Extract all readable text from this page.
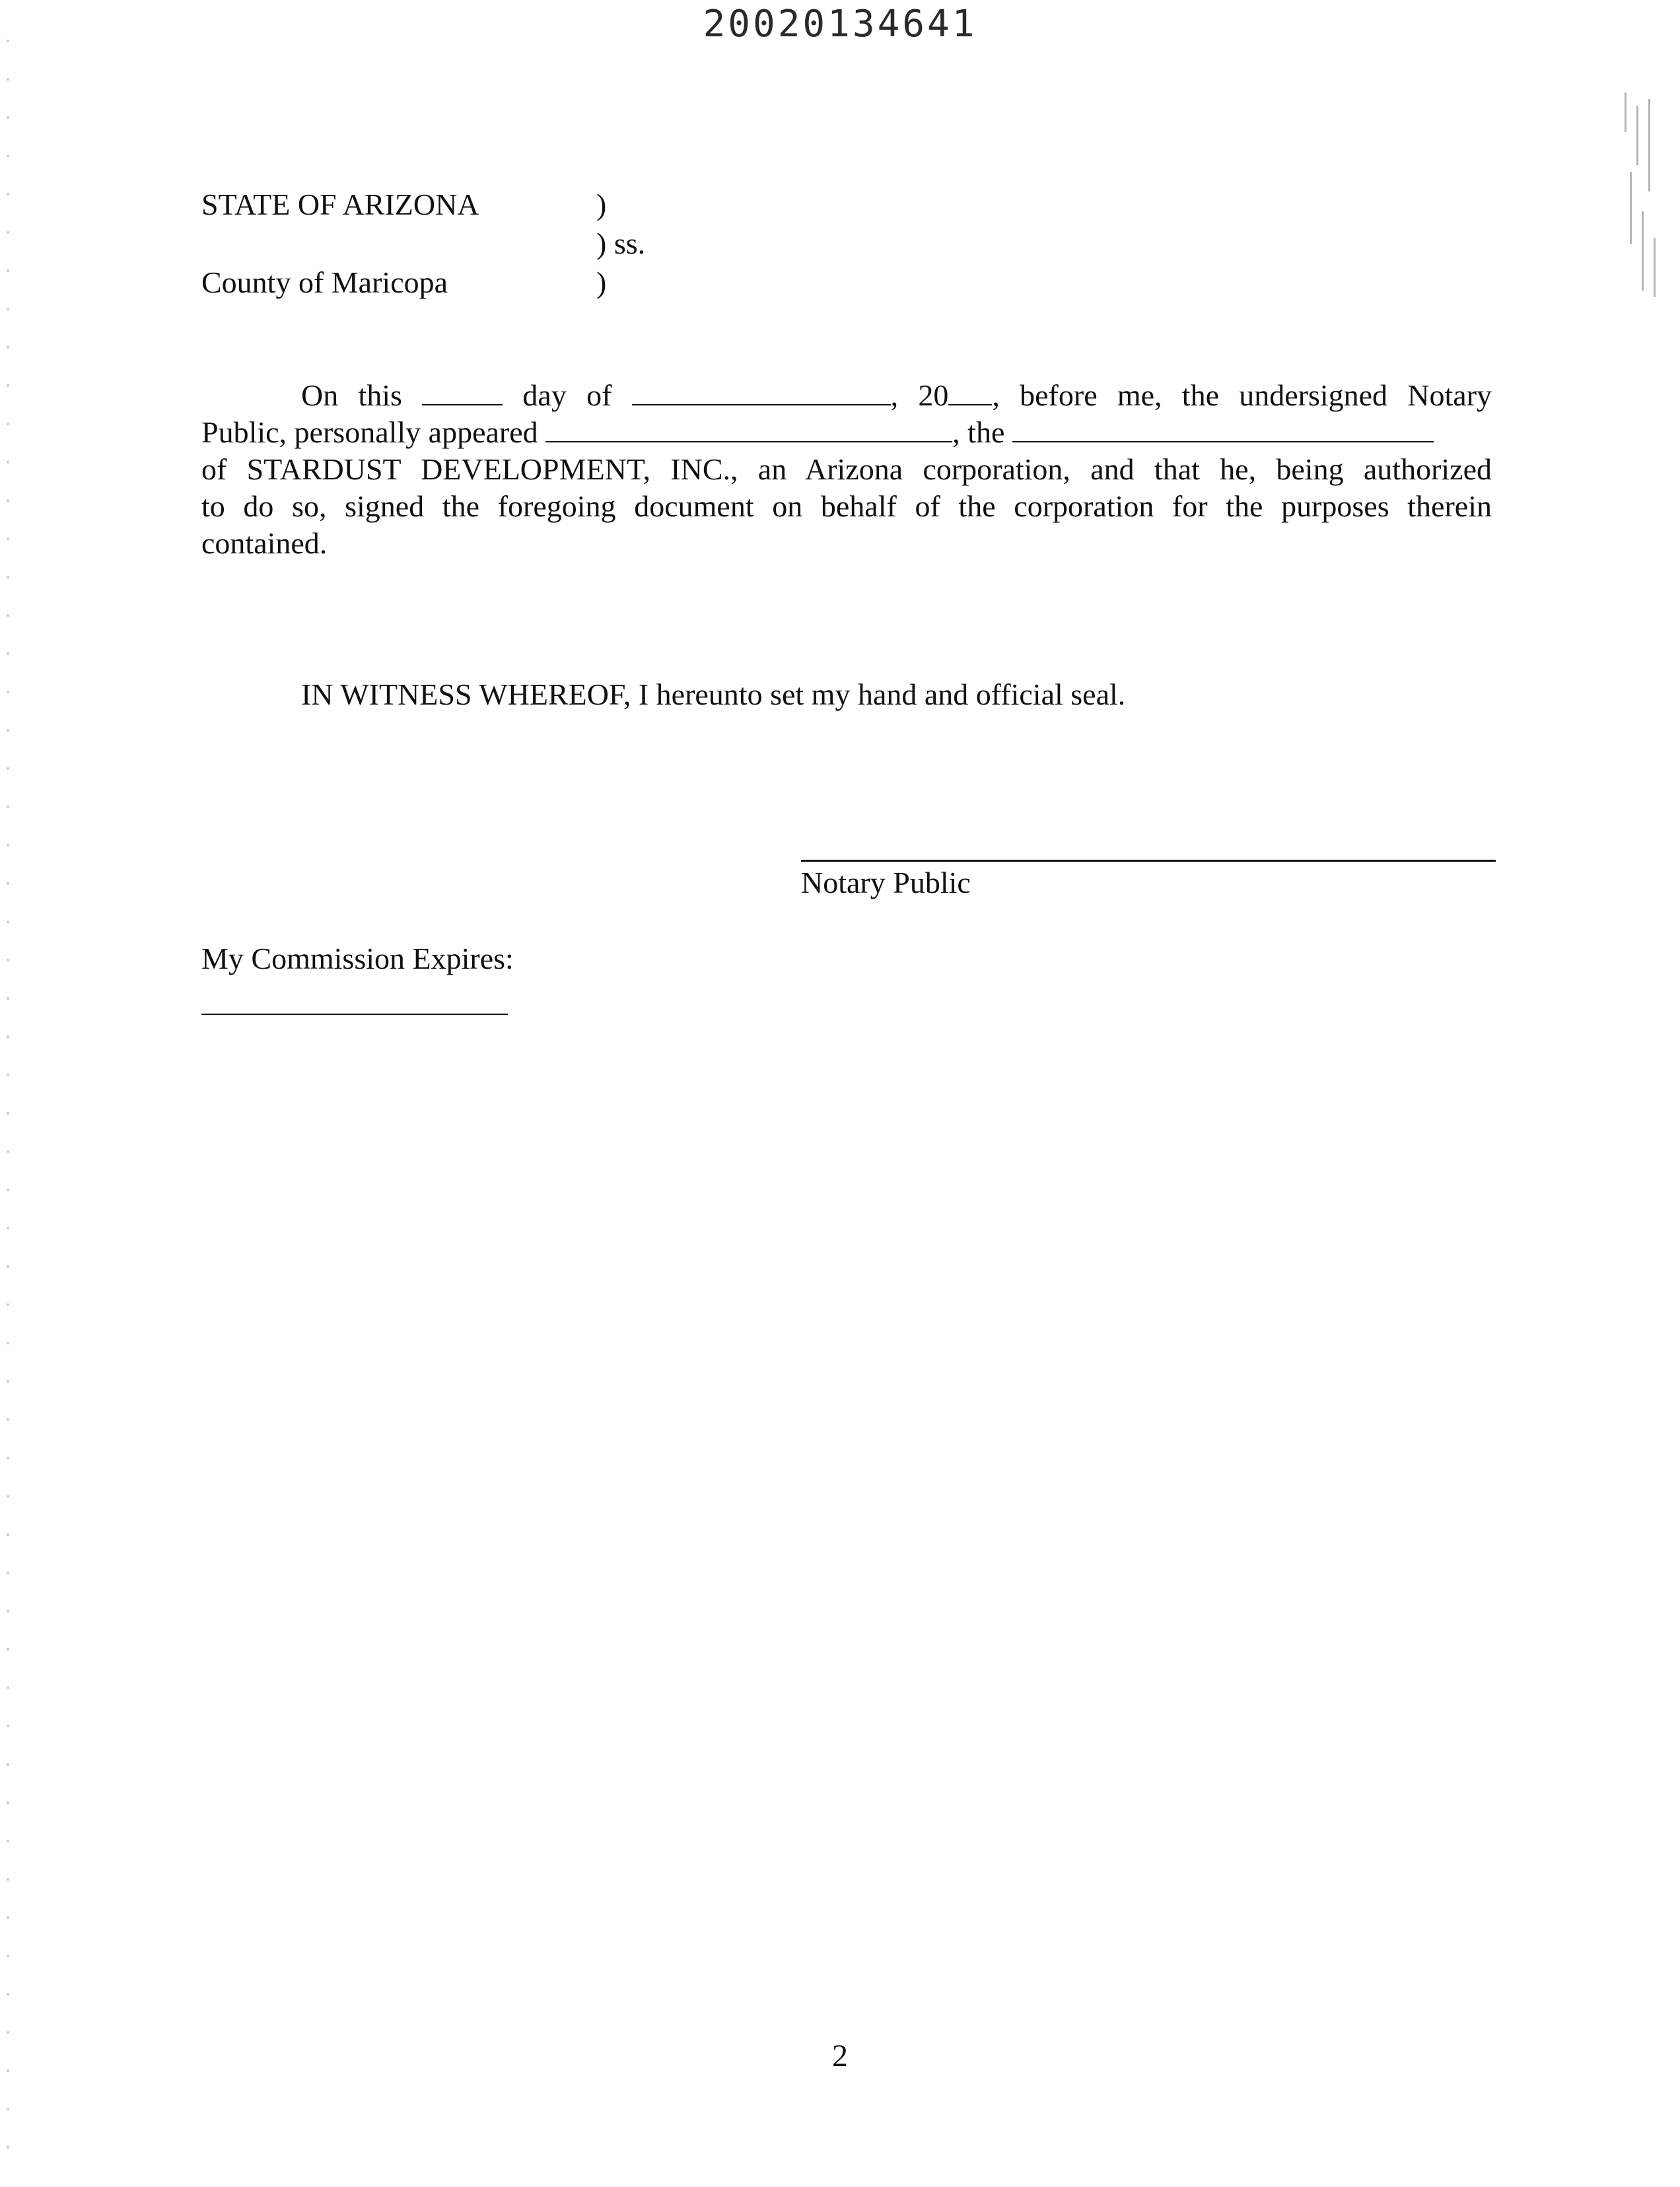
20020134641
STATE OF ARIZONA	)
) ss.
County of Maricopa	)
On this	day of	, 20 , before me, the undersigned Notary
Public, personally appeared	, the
of STARDUST DEVELOPMENT, INC., an Arizona corporation, and that he, being authorized
to do so, signed the foregoing document on behalf of the corporation for the purposes therein
contained.
IN WITNESS WHEREOF, I hereunto set my hand and official seal.
Notary Public
My Commission Expires:
2
